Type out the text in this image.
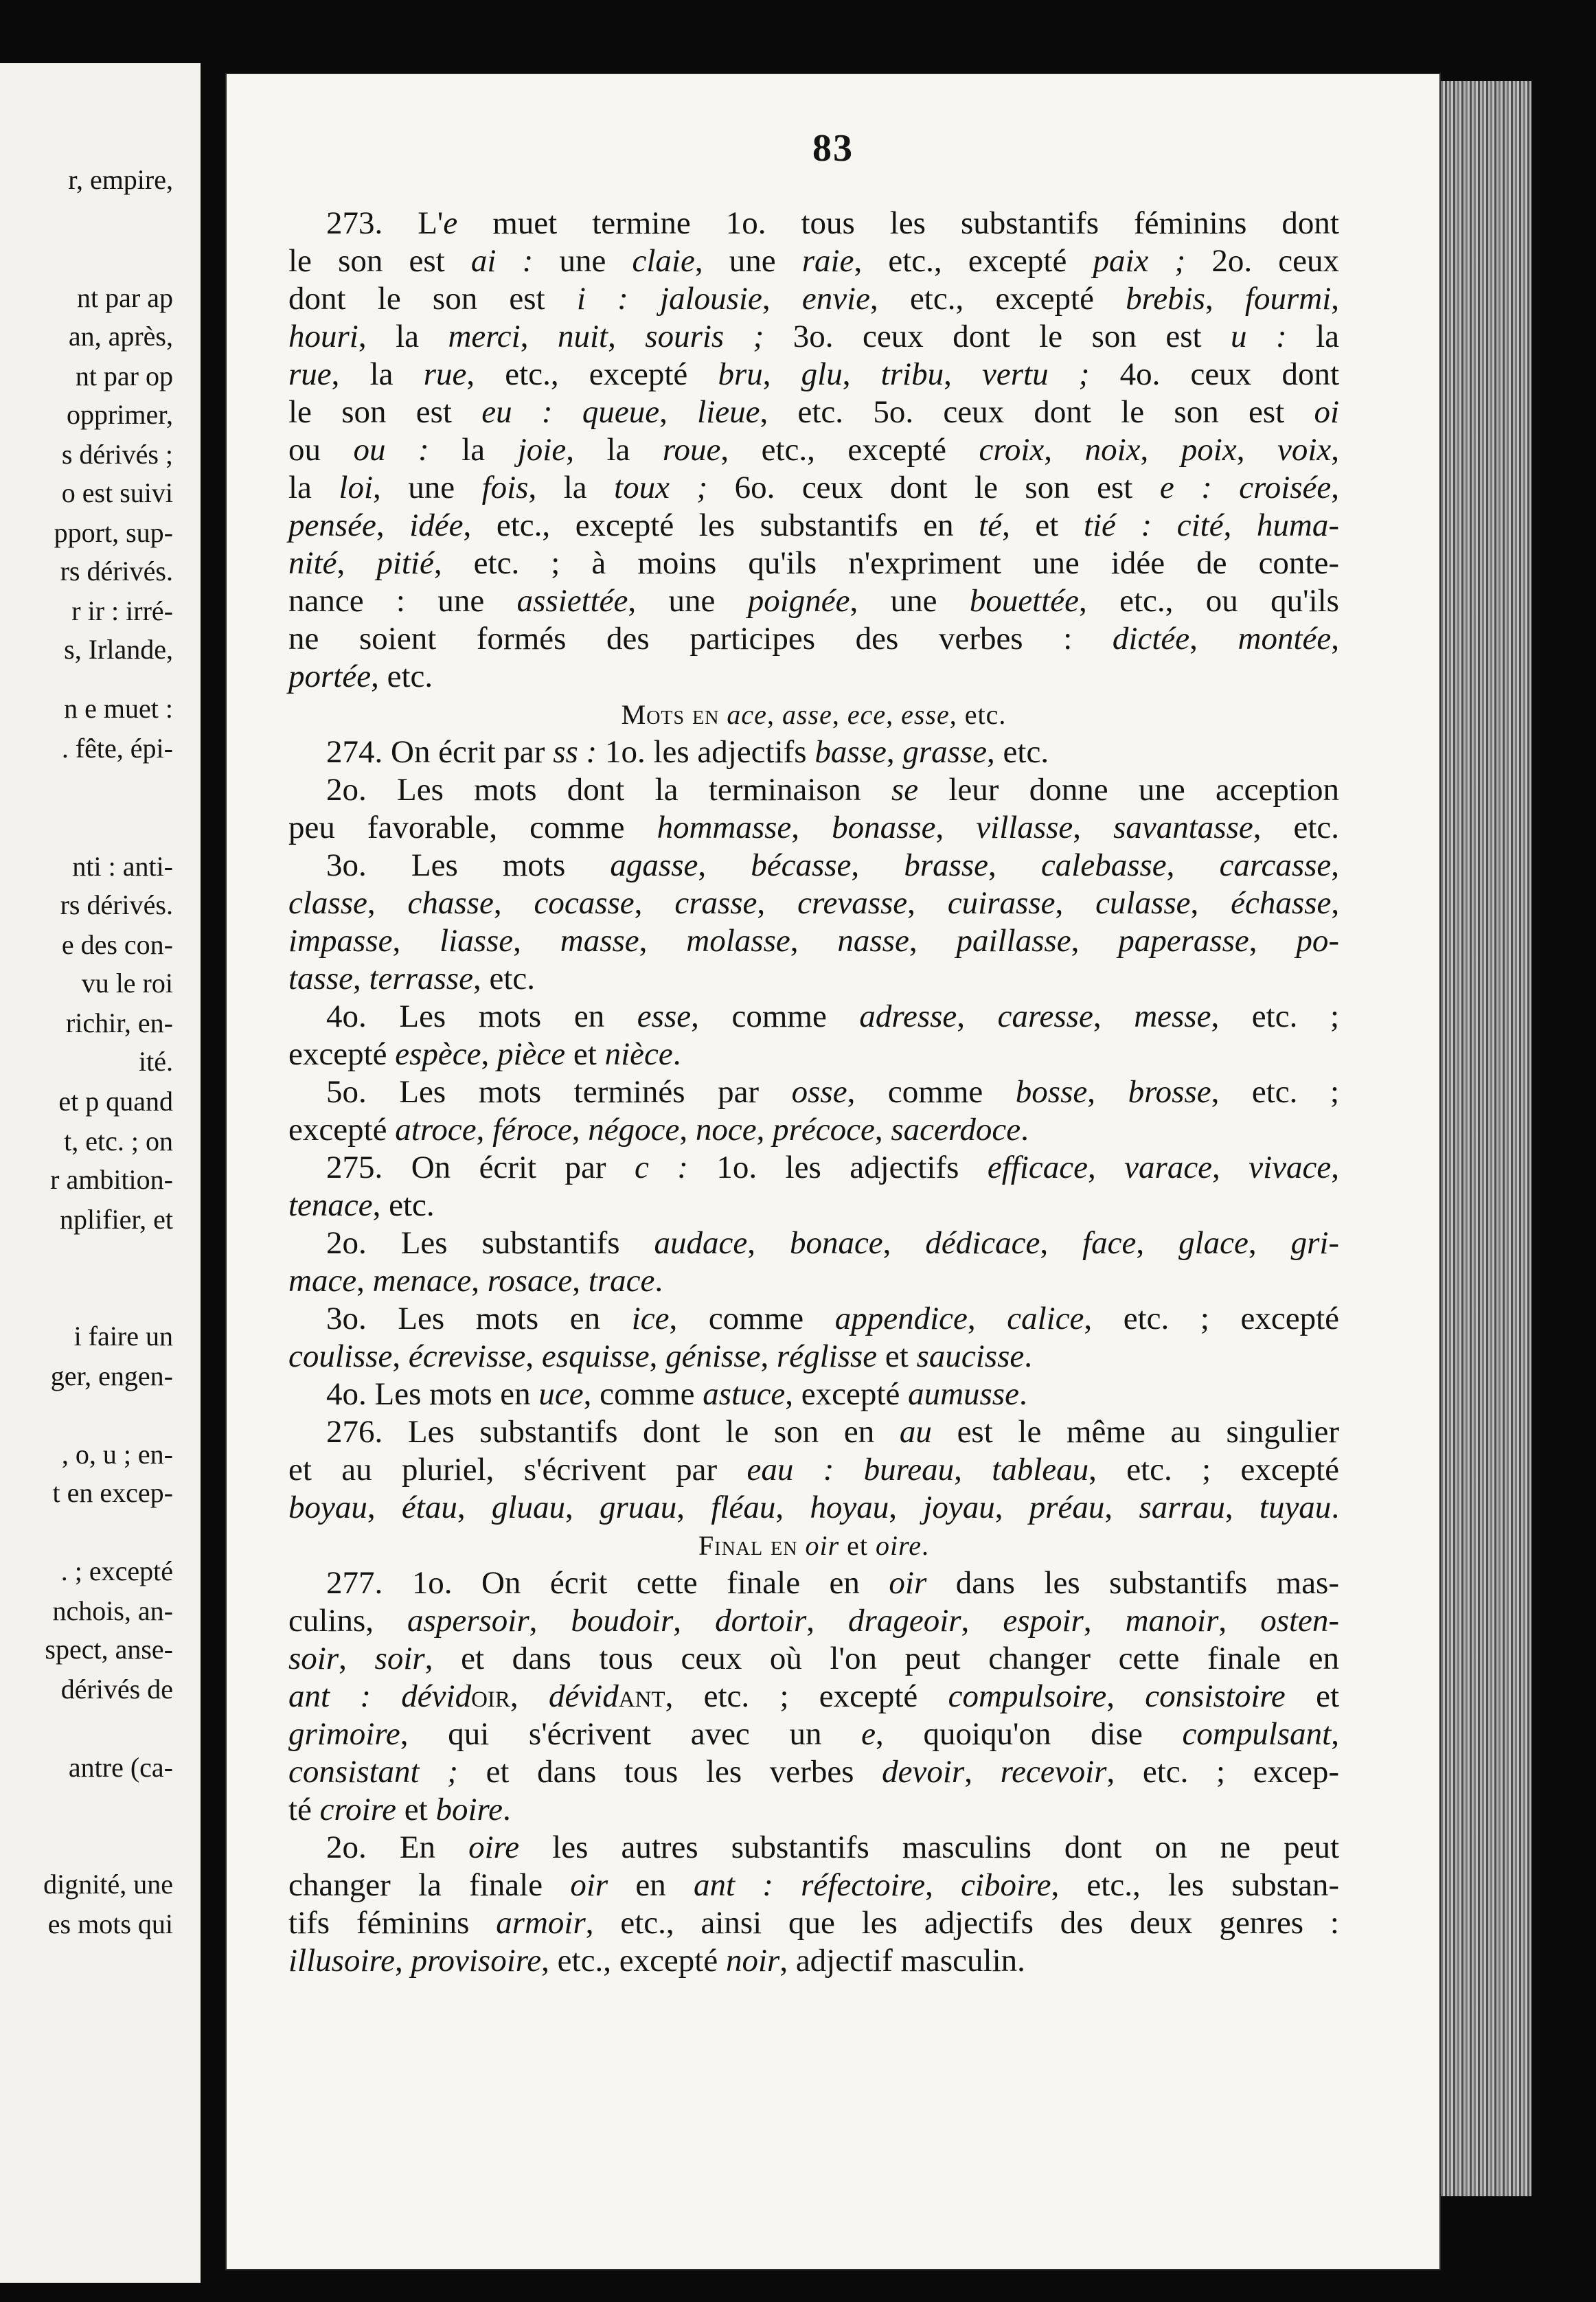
r, empire,
nt par ap
an, après,
nt par op
opprimer,
s dérivés ;
o est suivi
pport, sup-
rs dérivés.
r ir : irré-
s, Irlande,
n e muet :
. fête, épi-
nti : anti-
rs dérivés.
e des con-
vu le roi
richir, en-
ité.
et p quand
t, etc. ; on
r ambition-
nplifier, et
i faire un
ger, engen-
, o, u ; en-
t en excep-
. ; excepté
nchois, an-
spect, anse-
dérivés de
antre (ca-
dignité, une
es mots qui
83
273. L'e muet termine 1o. tous les substantifs féminins dont
le son est ai : une claie, une raie, etc., excepté paix ; 2o. ceux
dont le son est i : jalousie, envie, etc., excepté brebis, fourmi,
houri, la merci, nuit, souris ; 3o. ceux dont le son est u : la
rue, la rue, etc., excepté bru, glu, tribu, vertu ; 4o. ceux dont
le son est eu : queue, lieue, etc. 5o. ceux dont le son est oi
ou ou : la joie, la roue, etc., excepté croix, noix, poix, voix,
la loi, une fois, la toux ; 6o. ceux dont le son est e : croisée,
pensée, idée, etc., excepté les substantifs en té, et tié : cité, huma-
nité, pitié, etc. ; à moins qu'ils n'expriment une idée de conte-
nance : une assiettée, une poignée, une bouettée, etc., ou qu'ils
ne soient formés des participes des verbes : dictée, montée,
portée, etc.
Mots en ace, asse, ece, esse, etc.
274. On écrit par ss : 1o. les adjectifs basse, grasse, etc.
2o. Les mots dont la terminaison se leur donne une acception
peu favorable, comme hommasse, bonasse, villasse, savantasse, etc.
3o. Les mots agasse, bécasse, brasse, calebasse, carcasse,
classe, chasse, cocasse, crasse, crevasse, cuirasse, culasse, échasse,
impasse, liasse, masse, molasse, nasse, paillasse, paperasse, po-
tasse, terrasse, etc.
4o. Les mots en esse, comme adresse, caresse, messe, etc. ;
excepté espèce, pièce et nièce.
5o. Les mots terminés par osse, comme bosse, brosse, etc. ;
excepté atroce, féroce, négoce, noce, précoce, sacerdoce.
275. On écrit par c : 1o. les adjectifs efficace, varace, vivace,
tenace, etc.
2o. Les substantifs audace, bonace, dédicace, face, glace, gri-
mace, menace, rosace, trace.
3o. Les mots en ice, comme appendice, calice, etc. ; excepté
coulisse, écrevisse, esquisse, génisse, réglisse et saucisse.
4o. Les mots en uce, comme astuce, excepté aumusse.
276. Les substantifs dont le son en au est le même au singulier
et au pluriel, s'écrivent par eau : bureau, tableau, etc. ; excepté
boyau, étau, gluau, gruau, fléau, hoyau, joyau, préau, sarrau, tuyau.
Final en oir et oire.
277. 1o. On écrit cette finale en oir dans les substantifs mas-
culins, aspersoir, boudoir, dortoir, drageoir, espoir, manoir, osten-
soir, soir, et dans tous ceux où l'on peut changer cette finale en
ant : dévidoir, dévidant, etc. ; excepté compulsoire, consistoire et
grimoire, qui s'écrivent avec un e, quoiqu'on dise compulsant,
consistant ; et dans tous les verbes devoir, recevoir, etc. ; excep-
té croire et boire.
2o. En oire les autres substantifs masculins dont on ne peut
changer la finale oir en ant : réfectoire, ciboire, etc., les substan-
tifs féminins armoir, etc., ainsi que les adjectifs des deux genres :
illusoire, provisoire, etc., excepté noir, adjectif masculin.
